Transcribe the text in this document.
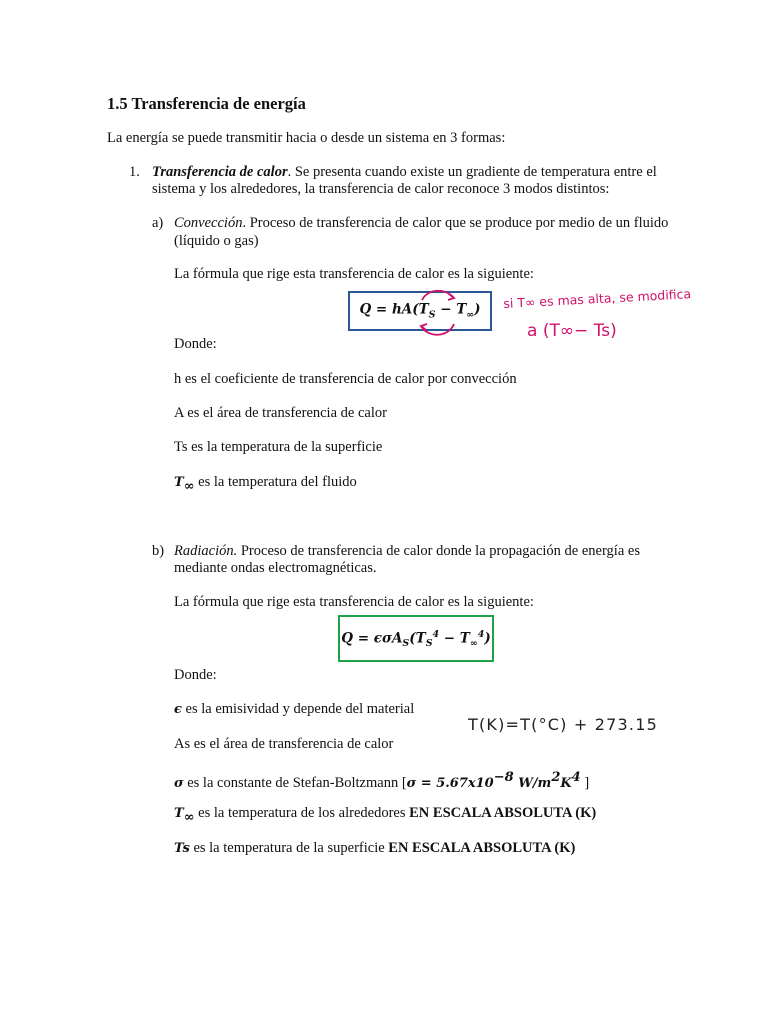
1.5 Transferencia de energía
La energía se puede transmitir hacia o desde un sistema en 3 formas:
1. Transferencia de calor. Se presenta cuando existe un gradiente de temperatura entre el
sistema y los alrededores, la transferencia de calor reconoce 3 modos distintos:
a) Convección. Proceso de transferencia de calor que se produce por medio de un fluido
(líquido o gas)
La fórmula que rige esta transferencia de calor es la siguiente:
$Q = hA(T_S - T_\infty)$	si T∞ es mas alta, se modifica
a (T∞− Ts)
Donde:
h es el coeficiente de transferencia de calor por convección
A es el área de transferencia de calor
Ts es la temperatura de la superficie
$T_\infty$ es la temperatura del fluido
b) Radiación. Proceso de transferencia de calor donde la propagación de energía es
mediante ondas electromagnéticas.
La fórmula que rige esta transferencia de calor es la siguiente:
$Q = \epsilon\sigma A_S(T_S^4 - T_\infty^4)$
Donde:
ϵ es la emisividad y depende del material
T(K)=T(°C) + 273.15
As es el área de transferencia de calor
σ es la constante de Stefan-Boltzmann [$\sigma = 5.67x10^{-8}$ $W/m^2K^4$ ]
$T_\infty$ es la temperatura de los alrededores EN ESCALA ABSOLUTA (K)
Ts es la temperatura de la superficie EN ESCALA ABSOLUTA (K)
